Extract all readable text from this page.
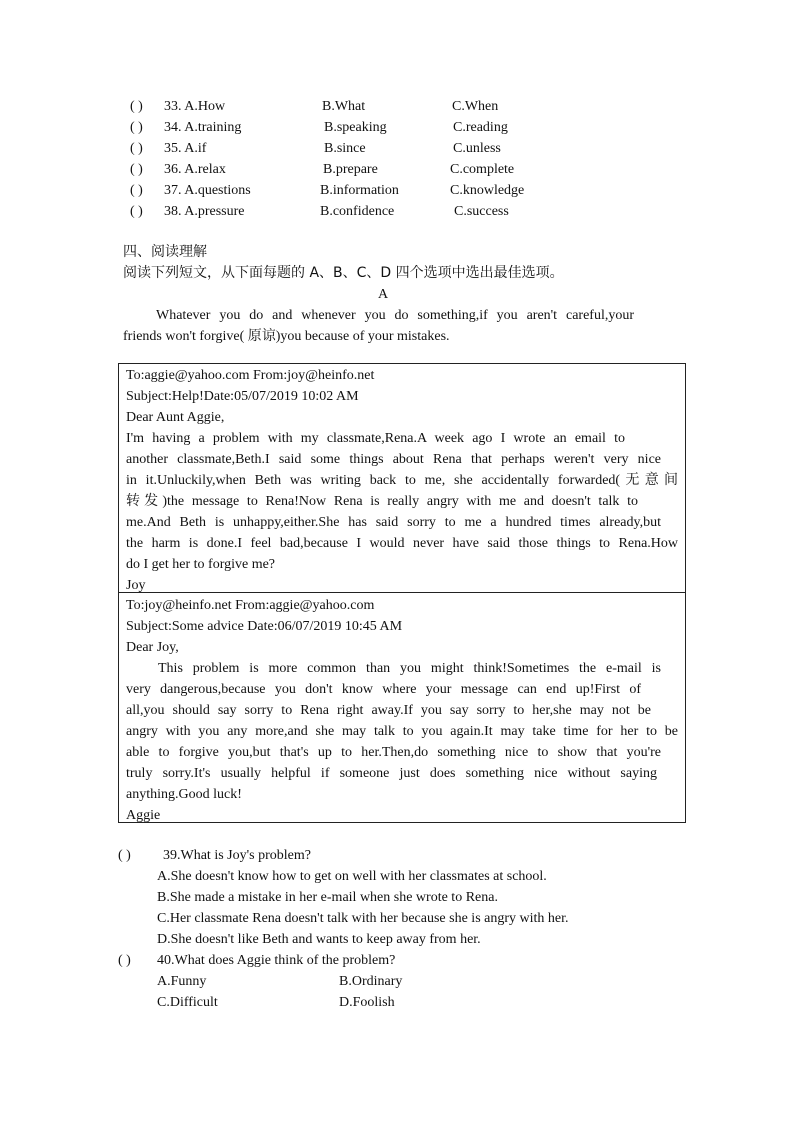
( ) 33. A.How	B.What	C.When
( ) 34. A.training	B.speaking	C.reading
( ) 35. A.if	B.since	C.unless
( ) 36. A.relax	B.prepare	C.complete
( ) 37. A.questions	B.information	C.knowledge
( ) 38. A.pressure	B.confidence	C.success
四、阅读理解
阅读下列短文，从下面每题的 A、B、C、D 四个选项中选出最佳选项。
A
Whatever you do and whenever you do something,if you aren't careful,your
friends won't forgive( 原谅)you because of your mistakes.
To:aggie@yahoo.com From:joy@heinfo.net
Subject:Help!Date:05/07/2019 10:02 AM
Dear Aunt Aggie,
I'm having a problem with my classmate,Rena.A week ago I wrote an email to
another classmate,Beth.I said some things about Rena that perhaps weren't very nice
in it.Unluckily,when Beth was writing back to me, she accidentally forwarded(无意间
转发)the message to Rena!Now Rena is really angry with me and doesn't talk to
me.And Beth is unhappy,either.She has said sorry to me a hundred times already,but
the harm is done.I feel bad,because I would never have said those things to Rena.How
do I get her to forgive me?
Joy
To:joy@heinfo.net From:aggie@yahoo.com
Subject:Some advice Date:06/07/2019 10:45 AM
Dear Joy,
This problem is more common than you might think!Sometimes the e-mail is
very dangerous,because you don't know where your message can end up!First of
all,you should say sorry to Rena right away.If you say sorry to her,she may not be
angry with you any more,and she may talk to you again.It may take time for her to be
able to forgive you,but that's up to her.Then,do something nice to show that you're
truly sorry.It's usually helpful if someone just does something nice without saying
anything.Good luck!
Aggie
( ) 39.What is Joy's problem?
A.She doesn't know how to get on well with her classmates at school.
B.She made a mistake in her e-mail when she wrote to Rena.
C.Her classmate Rena doesn't talk with her because she is angry with her.
D.She doesn't like Beth and wants to keep away from her.
( ) 40.What does Aggie think of the problem?
A.Funny	B.Ordinary
C.Difficult	D.Foolish
